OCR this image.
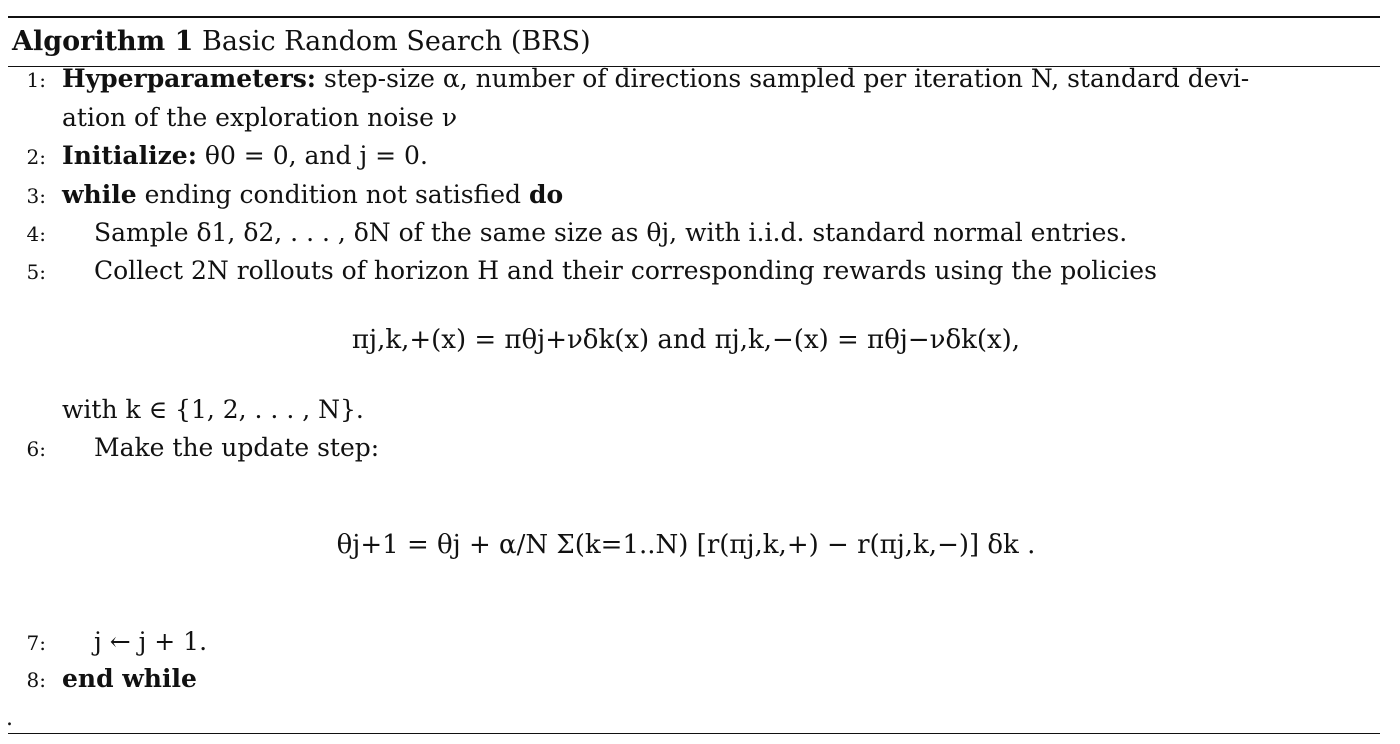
Algorithm 1 Basic Random Search (BRS)
1: Hyperparameters: step-size α, number of directions sampled per iteration N, standard devi-
ation of the exploration noise ν
2: Initialize: θ0 = 0, and j = 0.
3: while ending condition not satisfied do
4: Sample δ1, δ2, . . . , δN of the same size as θj, with i.i.d. standard normal entries.
5: Collect 2N rollouts of horizon H and their corresponding rewards using the policies
πj,k,+(x) = πθj+νδk(x) and πj,k,−(x) = πθj−νδk(x),
with k ∈ {1, 2, . . . , N}.
6: Make the update step:
θj+1 = θj + α/N Σ(k=1..N) [r(πj,k,+) − r(πj,k,−)] δk .
7: j ← j + 1.
8: end while
.
